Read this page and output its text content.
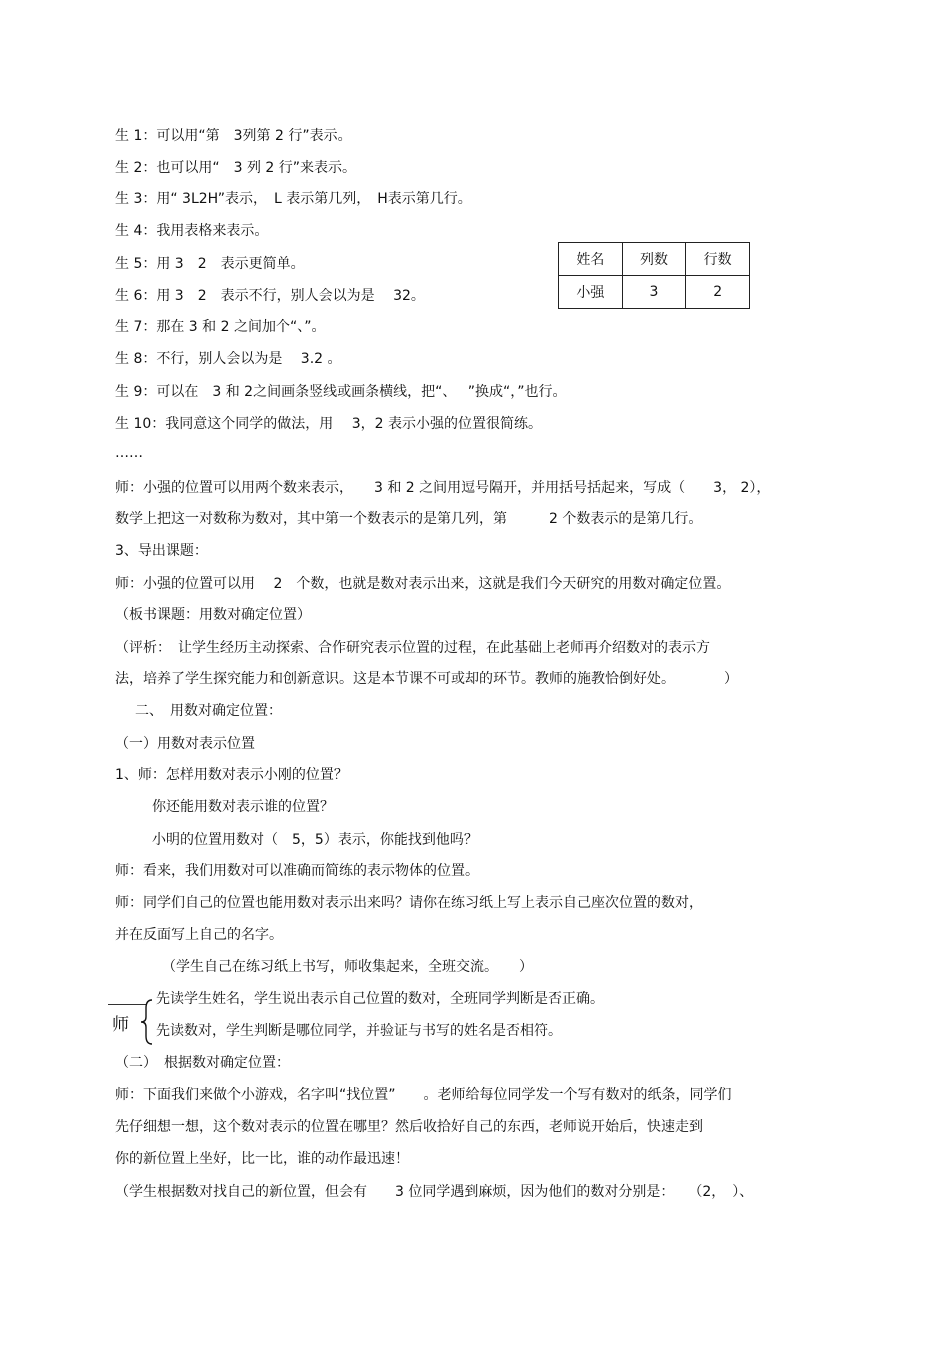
生 1：可以用“第　3列第 2 行”表示。
生 2：也可以用“　3 列 2 行”来表示。
生 3：用“ 3L2H”表示，　L 表示第几列，　H表示第几行。
生 4：我用表格来表示。
生 5：用 3　2　表示更简单。
生 6：用 3　2　表示不行，别人会以为是　 32。
生 7：那在 3 和 2 之间加个“、”。
生 8：不行，别人会以为是　 3.2 。
生 9：可以在　3 和 2之间画条竖线或画条横线，把“、　 ”换成“，”也行。
生 10：我同意这个同学的做法，用　 3，2 表示小强的位置很简练。
……
师：小强的位置可以用两个数来表示，　　3 和 2 之间用逗号隔开，并用括号括起来，写成（　　3， 2），
数学上把这一对数称为数对，其中第一个数表示的是第几列，第　　　2 个数表示的是第几行。
3、导出课题：
师：小强的位置可以用　 2　个数，也就是数对表示出来，这就是我们今天研究的用数对确定位置。
（板书课题：用数对确定位置）
（评析：　让学生经历主动探索、合作研究表示位置的过程，在此基础上老师再介绍数对的表示方
法，培养了学生探究能力和创新意识。这是本节课不可或却的环节。教师的施教恰倒好处。　　　　）
二、　用数对确定位置：
（一）用数对表示位置
1、师：怎样用数对表示小刚的位置？
你还能用数对表示谁的位置？
小明的位置用数对（　5，5）表示，你能找到他吗？
师：看来，我们用数对可以准确而简练的表示物体的位置。
师：同学们自己的位置也能用数对表示出来吗？请你在练习纸上写上表示自己座次位置的数对，
并在反面写上自己的名字。
（学生自己在练习纸上书写，师收集起来，全班交流。　　）
师
先读学生姓名，学生说出表示自己位置的数对，全班同学判断是否正确。
先读数对，学生判断是哪位同学，并验证与书写的姓名是否相符。
（二）　根据数对确定位置：
师：下面我们来做个小游戏，名字叫“找位置”　　。老师给每位同学发一个写有数对的纸条，同学们
先仔细想一想，这个数对表示的位置在哪里？然后收拾好自己的东西，老师说开始后，快速走到
你的新位置上坐好，比一比，谁的动作最迅速！
（学生根据数对找自己的新位置，但会有　　3 位同学遇到麻烦，因为他们的数对分别是：　　（2，　）、
姓名	列数	行数
小强	3	2
